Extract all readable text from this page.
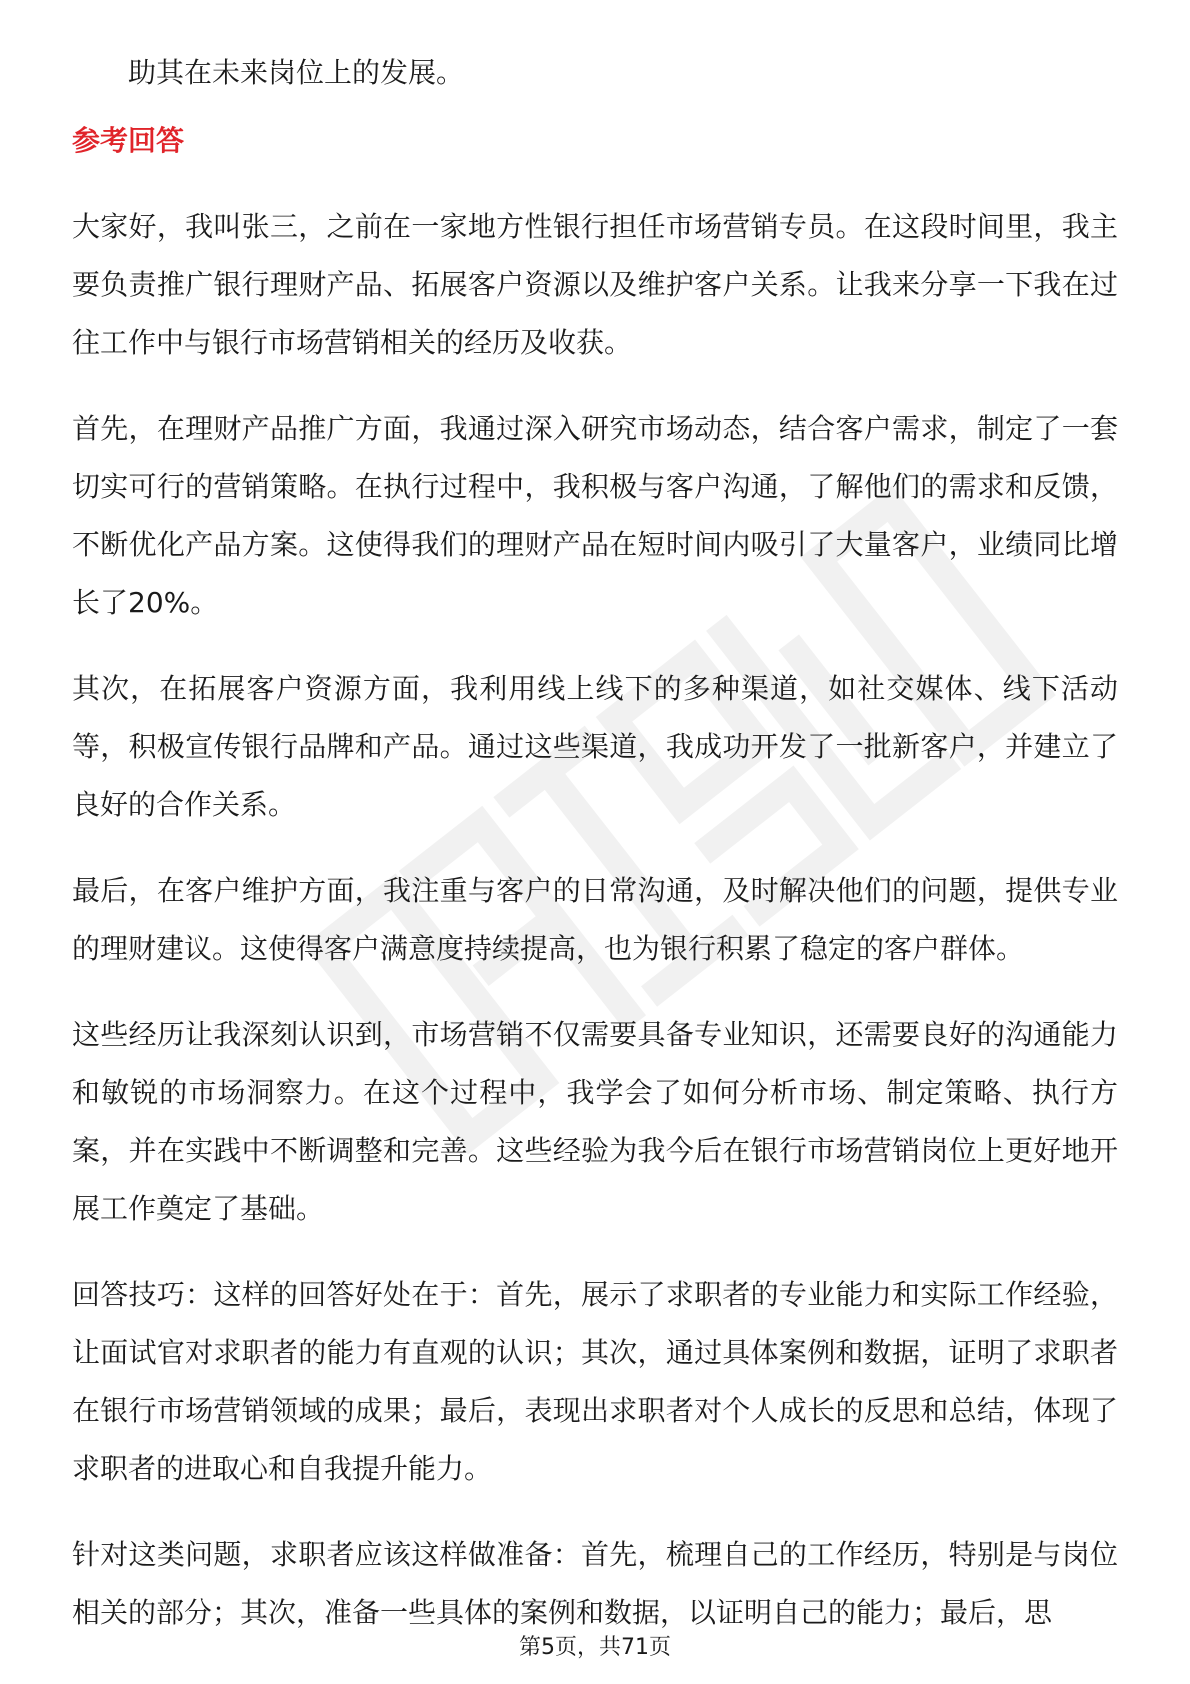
助其在未来岗位上的发展。

参考回答

大家好，我叫张三，之前在一家地方性银行担任市场营销专员。在这段时间里，我主要负责推广银行理财产品、拓展客户资源以及维护客户关系。让我来分享一下我在过往工作中与银行市场营销相关的经历及收获。

首先，在理财产品推广方面，我通过深入研究市场动态，结合客户需求，制定了一套切实可行的营销策略。在执行过程中，我积极与客户沟通，了解他们的需求和反馈，不断优化产品方案。这使得我们的理财产品在短时间内吸引了大量客户，业绩同比增长了20%。

其次，在拓展客户资源方面，我利用线上线下的多种渠道，如社交媒体、线下活动等，积极宣传银行品牌和产品。通过这些渠道，我成功开发了一批新客户，并建立了良好的合作关系。

最后，在客户维护方面，我注重与客户的日常沟通，及时解决他们的问题，提供专业的理财建议。这使得客户满意度持续提高，也为银行积累了稳定的客户群体。

这些经历让我深刻认识到，市场营销不仅需要具备专业知识，还需要良好的沟通能力和敏锐的市场洞察力。在这个过程中，我学会了如何分析市场、制定策略、执行方案，并在实践中不断调整和完善。这些经验为我今后在银行市场营销岗位上更好地开展工作奠定了基础。

回答技巧：这样的回答好处在于：首先，展示了求职者的专业能力和实际工作经验，让面试官对求职者的能力有直观的认识；其次，通过具体案例和数据，证明了求职者在银行市场营销领域的成果；最后，表现出求职者对个人成长的反思和总结，体现了求职者的进取心和自我提升能力。

针对这类问题，求职者应该这样做准备：首先，梳理自己的工作经历，特别是与岗位相关的部分；其次，准备一些具体的案例和数据，以证明自己的能力；最后，思

第5页，共71页
